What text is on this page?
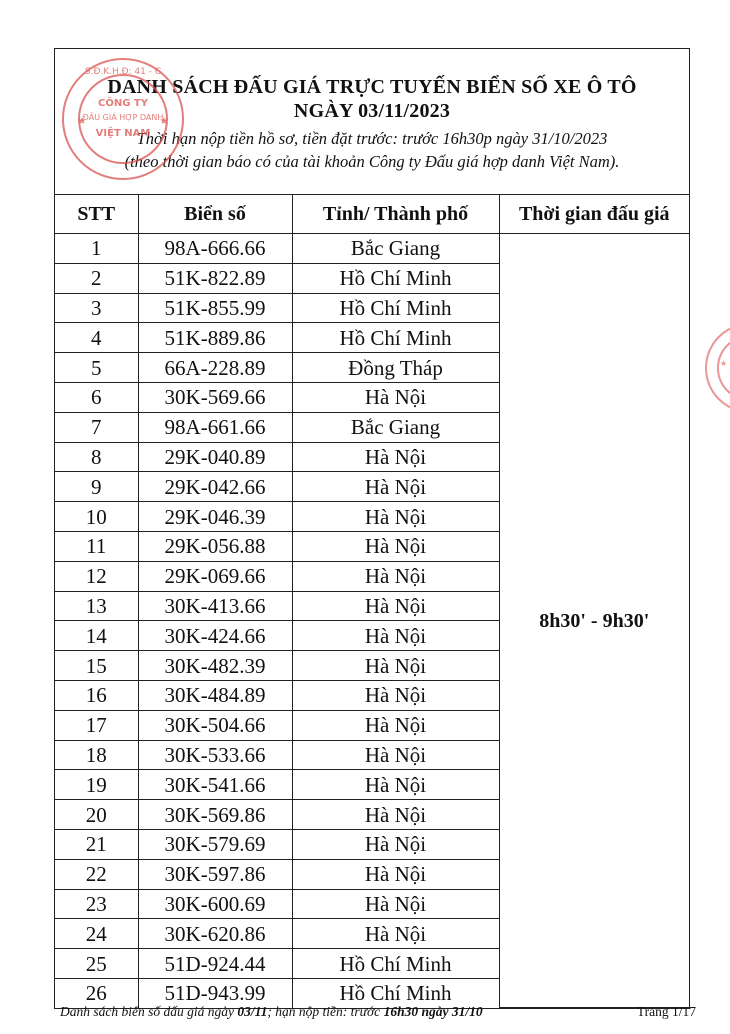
DANH SÁCH ĐẤU GIÁ TRỰC TUYẾN BIỂN SỐ XE Ô TÔ
NGÀY 03/11/2023
Thời hạn nộp tiền hồ sơ, tiền đặt trước: trước 16h30p ngày 31/10/2023
(theo thời gian báo có của tài khoản Công ty Đấu giá hợp danh Việt Nam).
STT	Biển số	Tỉnh/ Thành phố	Thời gian đấu giá
1	98A-666.66	Bắc Giang	8h30' - 9h30'
2	51K-822.89	Hồ Chí Minh	
3	51K-855.99	Hồ Chí Minh	
4	51K-889.86	Hồ Chí Minh	
5	66A-228.89	Đồng Tháp	
6	30K-569.66	Hà Nội	
7	98A-661.66	Bắc Giang	
8	29K-040.89	Hà Nội	
9	29K-042.66	Hà Nội	
10	29K-046.39	Hà Nội	
11	29K-056.88	Hà Nội	
12	29K-069.66	Hà Nội	
13	30K-413.66	Hà Nội	
14	30K-424.66	Hà Nội	
15	30K-482.39	Hà Nội	
16	30K-484.89	Hà Nội	
17	30K-504.66	Hà Nội	
18	30K-533.66	Hà Nội	
19	30K-541.66	Hà Nội	
20	30K-569.86	Hà Nội	
21	30K-579.69	Hà Nội	
22	30K-597.86	Hà Nội	
23	30K-600.69	Hà Nội	
24	30K-620.86	Hà Nội	
25	51D-924.44	Hồ Chí Minh	
26	51D-943.99	Hồ Chí Minh	
S.Đ.K.H.Đ: 41 - C
CÔNG TY
ĐẤU GIÁ HỢP DANH
VIỆT NAM
★	★
★
Danh sách biển số đấu giá ngày 03/11; hạn nộp tiền: trước 16h30 ngày 31/10	Trang 1/17
